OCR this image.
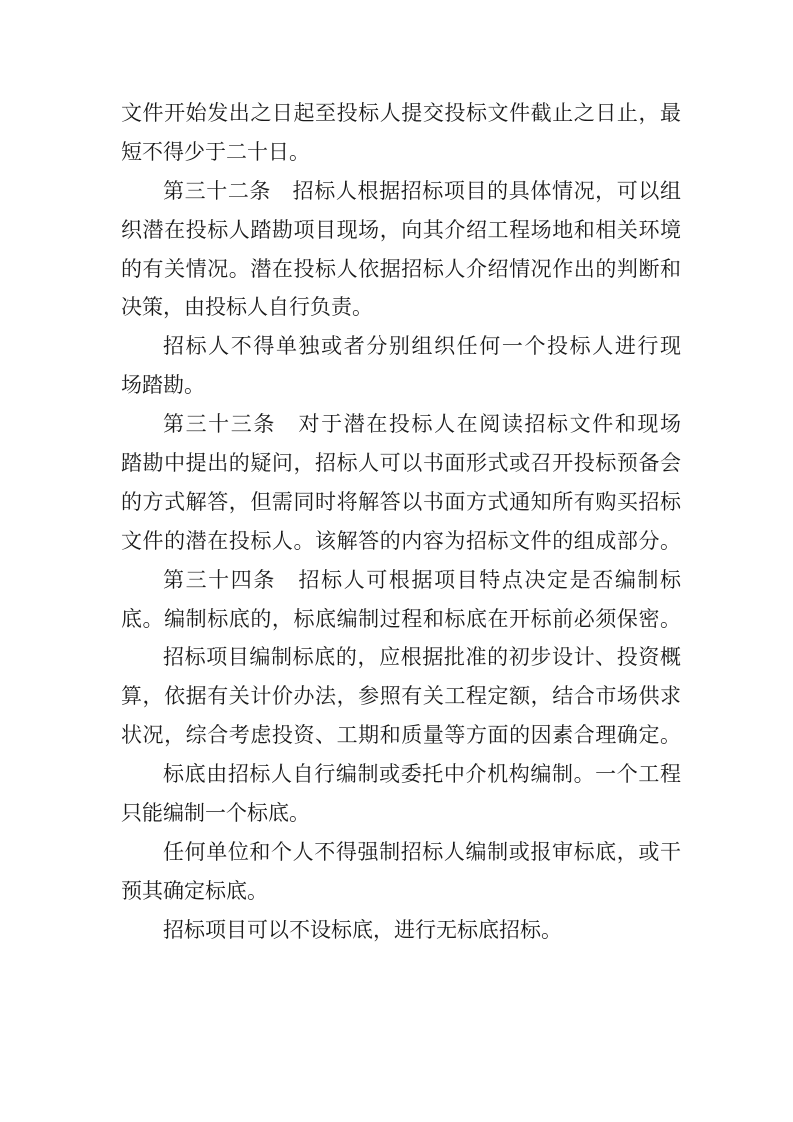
文件开始发出之日起至投标人提交投标文件截止之日止，最
短不得少于二十日。
第三十二条　招标人根据招标项目的具体情况，可以组
织潜在投标人踏勘项目现场，向其介绍工程场地和相关环境
的有关情况。潜在投标人依据招标人介绍情况作出的判断和
决策，由投标人自行负责。
招标人不得单独或者分别组织任何一个投标人进行现
场踏勘。
第三十三条　对于潜在投标人在阅读招标文件和现场
踏勘中提出的疑问，招标人可以书面形式或召开投标预备会
的方式解答，但需同时将解答以书面方式通知所有购买招标
文件的潜在投标人。该解答的内容为招标文件的组成部分。
第三十四条　招标人可根据项目特点决定是否编制标
底。编制标底的，标底编制过程和标底在开标前必须保密。
招标项目编制标底的，应根据批准的初步设计、投资概
算，依据有关计价办法，参照有关工程定额，结合市场供求
状况，综合考虑投资、工期和质量等方面的因素合理确定。
标底由招标人自行编制或委托中介机构编制。一个工程
只能编制一个标底。
任何单位和个人不得强制招标人编制或报审标底，或干
预其确定标底。
招标项目可以不设标底，进行无标底招标。
